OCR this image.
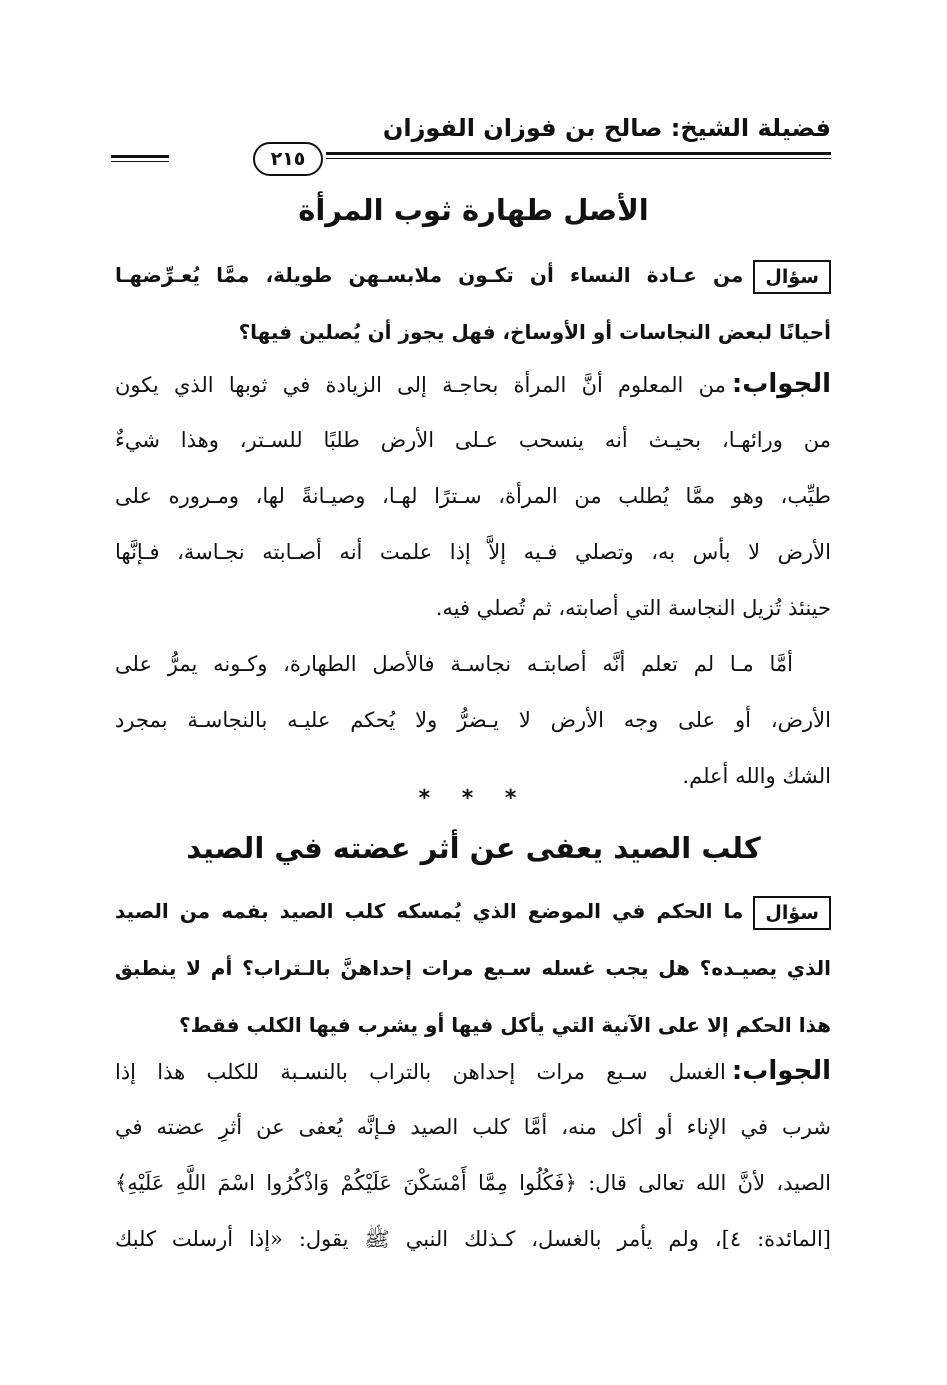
فضيلة الشيخ: صالح بن فوزان الفوزان
٢١٥
الأصل طهارة ثوب المرأة
سؤالمن عـادة النساء أن تكـون ملابسـهن طويلة، ممَّا يُعـرِّضهـا
أحيانًا لبعض النجاسات أو الأوساخ، فهل يجوز أن يُصلين فيها؟
الجواب:من المعلوم أنَّ المرأة بحاجـة إلى الزيادة في ثوبها الذي يكون
من ورائهـا، بحيـث أنه ينسحب عـلى الأرض طلبًا للسـتر، وهذا شيءٌ
طيِّب، وهو ممَّا يُطلب من المرأة، سـترًا لهـا، وصيـانةً لها، ومـروره على
الأرض لا بأس به، وتصلي فـيه إلاَّ إذا علمت أنه أصـابته نجـاسة، فـإنَّها
حينئذ تُزيل النجاسة التي أصابته، ثم تُصلي فيه.
أمَّا مـا لم تعلم أنَّه أصابتـه نجاسـة فالأصل الطهارة، وكـونه يمرُّ على
الأرض، أو على وجه الأرض لا يـضرُّ ولا يُحكم عليـه بالنجاسـة بمجرد
الشك والله أعلم.
* * *
كلب الصيد يعفى عن أثر عضته في الصيد
سؤالما الحكم في الموضع الذي يُمسكه كلب الصيد بفمه من الصيد
الذي يصيـده؟ هل يجب غسله سـبع مرات إحداهنَّ بالـتراب؟ أم لا ينطبق
هذا الحكم إلا على الآنية التي يأكل فيها أو يشرب فيها الكلب فقط؟
الجواب:الغسل سـبع مرات إحداهن بالتراب بالنسـبة للكلب هذا إذا
شرب في الإناء أو أكل منه، أمَّا كلب الصيد فـإنَّه يُعفى عن أثرِ عضته في
الصيد، لأنَّ الله تعالى قال: ﴿فَكُلُوا مِمَّا أَمْسَكْنَ عَلَيْكُمْ وَاذْكُرُوا اسْمَ اللَّهِ عَلَيْهِ﴾
[المائدة: ٤]، ولم يأمر بالغسل، كـذلك النبي ﷺ يقول: «إذا أرسلت كلبك
